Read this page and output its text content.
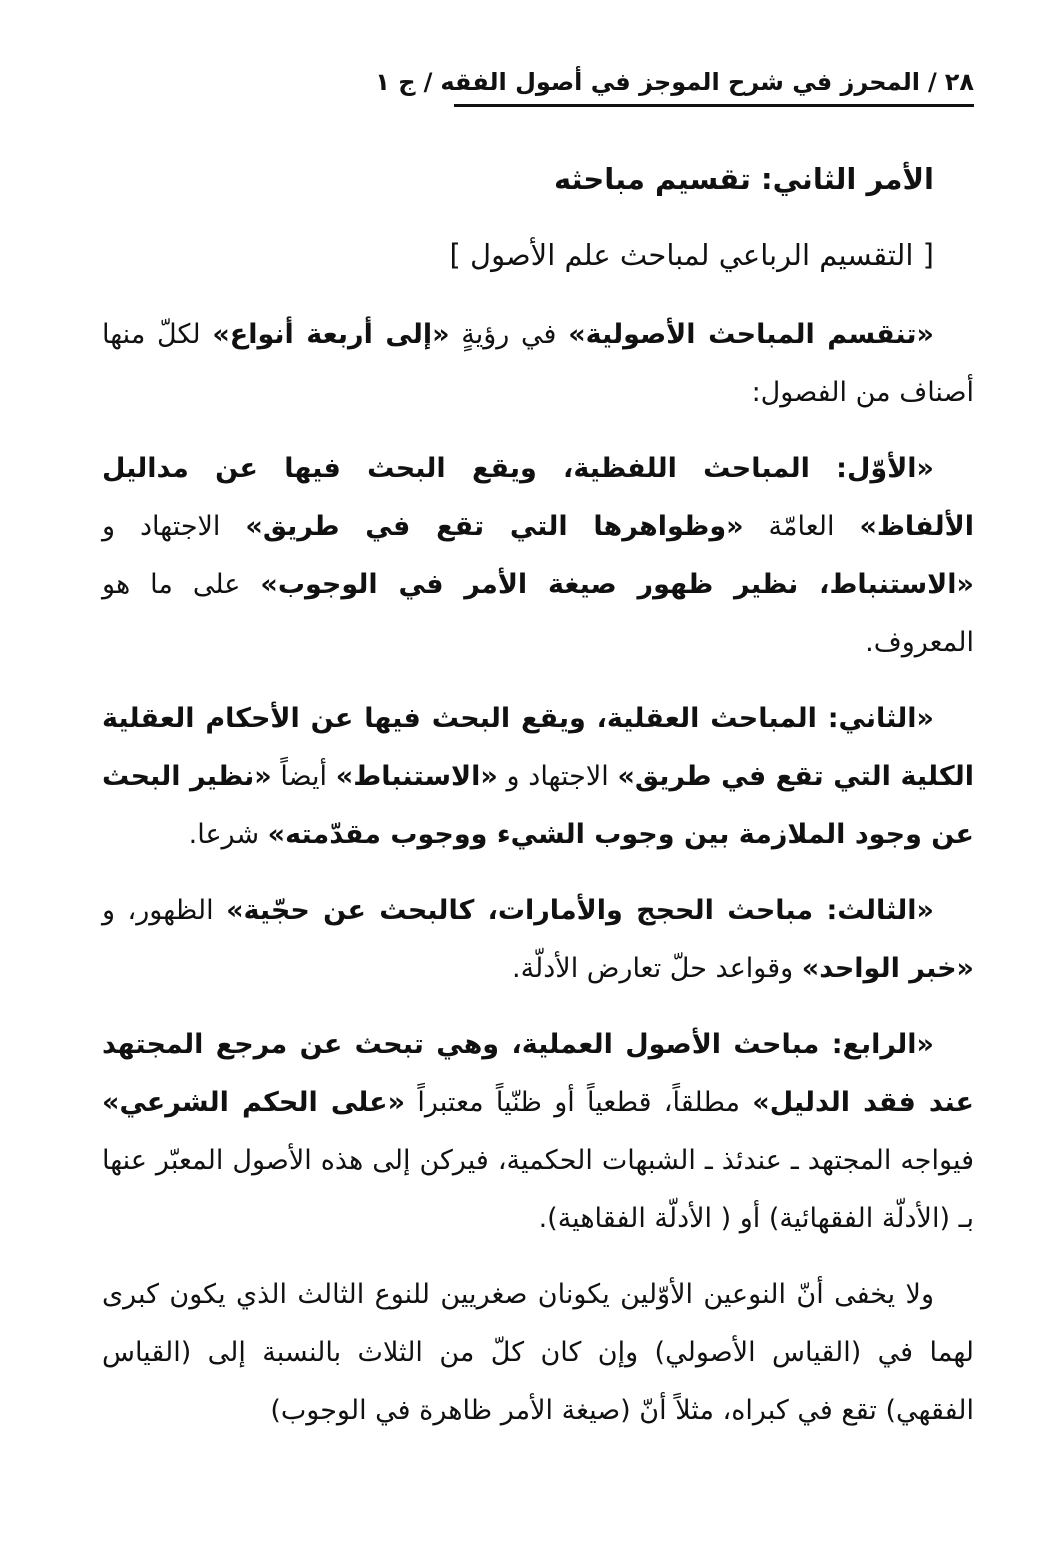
٢٨/المحرز في شرح الموجز في أصول الفقه/ج ١
الأمر الثاني: تقسيم مباحثه
[ التقسيم الرباعي لمباحث علم الأصول ]

«تنقسم المباحث الأصولية» في رؤيةٍ «إلى أربعة أنواع» لكلّ منها أصناف من الفصول:

«الأوّل: المباحث اللفظية، ويقع البحث فيها عن مداليل الألفاظ» العامّة «وظواهرها التي تقع في طريق» الاجتهاد و «الاستنباط، نظير ظهور صيغة الأمر في الوجوب» على ما هو المعروف.

«الثاني: المباحث العقلية، ويقع البحث فيها عن الأحكام العقلية الكلية التي تقع في طريق» الاجتهاد و «الاستنباط» أيضاً «نظير البحث عن وجود الملازمة بين وجوب الشيء ووجوب مقدّمته» شرعا.

«الثالث: مباحث الحجج والأمارات، كالبحث عن حجّية» الظهور، و «خبر الواحد» وقواعد حلّ تعارض الأدلّة.

«الرابع: مباحث الأصول العملية، وهي تبحث عن مرجع المجتهد عند فقد الدليل» مطلقاً، قطعياً أو ظنّياً معتبراً «على الحكم الشرعي» فيواجه المجتهد ـ عندئذ ـ الشبهات الحكمية، فيركن إلى هذه الأصول المعبّر عنها بـ (الأدلّة الفقهائية) أو ( الأدلّة الفقاهية).

ولا يخفى أنّ النوعين الأوّلين يكونان صغريين للنوع الثالث الذي يكون كبرى لهما في (القياس الأصولي) وإن كان كلّ من الثلاث بالنسبة إلى (القياس الفقهي) تقع في كبراه، مثلاً أنّ (صيغة الأمر ظاهرة في الوجوب)
